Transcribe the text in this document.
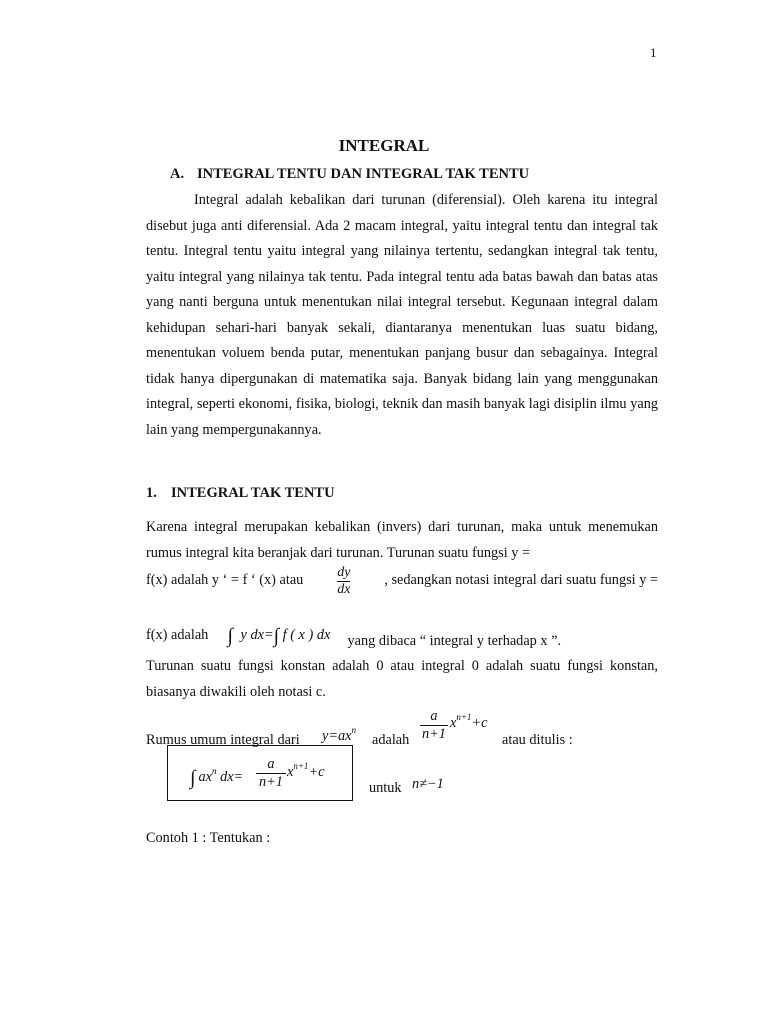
1
INTEGRAL
A. INTEGRAL TENTU DAN INTEGRAL TAK TENTU
Integral adalah kebalikan dari turunan (diferensial). Oleh karena itu integral disebut juga anti diferensial. Ada 2 macam integral, yaitu integral tentu dan integral tak tentu. Integral tentu yaitu integral yang nilainya tertentu, sedangkan integral tak tentu, yaitu integral yang nilainya tak tentu. Pada integral tentu ada batas bawah dan batas atas yang nanti berguna untuk menentukan nilai integral tersebut. Kegunaan integral dalam kehidupan sehari-hari banyak sekali, diantaranya menentukan luas suatu bidang, menentukan voluem benda putar, menentukan panjang busur dan sebagainya. Integral tidak hanya dipergunakan di matematika saja. Banyak bidang lain yang menggunakan integral, seperti ekonomi, fisika, biologi, teknik dan masih banyak lagi disiplin ilmu yang lain yang mempergunakannya.
1. INTEGRAL TAK TENTU
Karena integral merupakan kebalikan (invers) dari turunan, maka untuk menemukan rumus integral kita beranjak dari turunan. Turunan suatu fungsi y =
f(x) adalah y ‘ = f ‘ (x) atau $\frac{dy}{dx}$ , sedangkan notasi integral dari suatu fungsi y =
f(x) adalah ∫ y dx=∫ f ( x ) dx yang dibaca “ integral y terhadap x ”.
Turunan suatu fungsi konstan adalah 0 atau integral 0 adalah suatu fungsi konstan, biasanya diwakili oleh notasi c.
Rumus umum integral dari $y=ax^n$
adalah
a
n+1
$x^{n+1}+c$
atau ditulis :
∫ $ax^n$ dx=
a
n+1
$x^{n+1}+c$
untuk n≠−1
Contoh 1 : Tentukan :
